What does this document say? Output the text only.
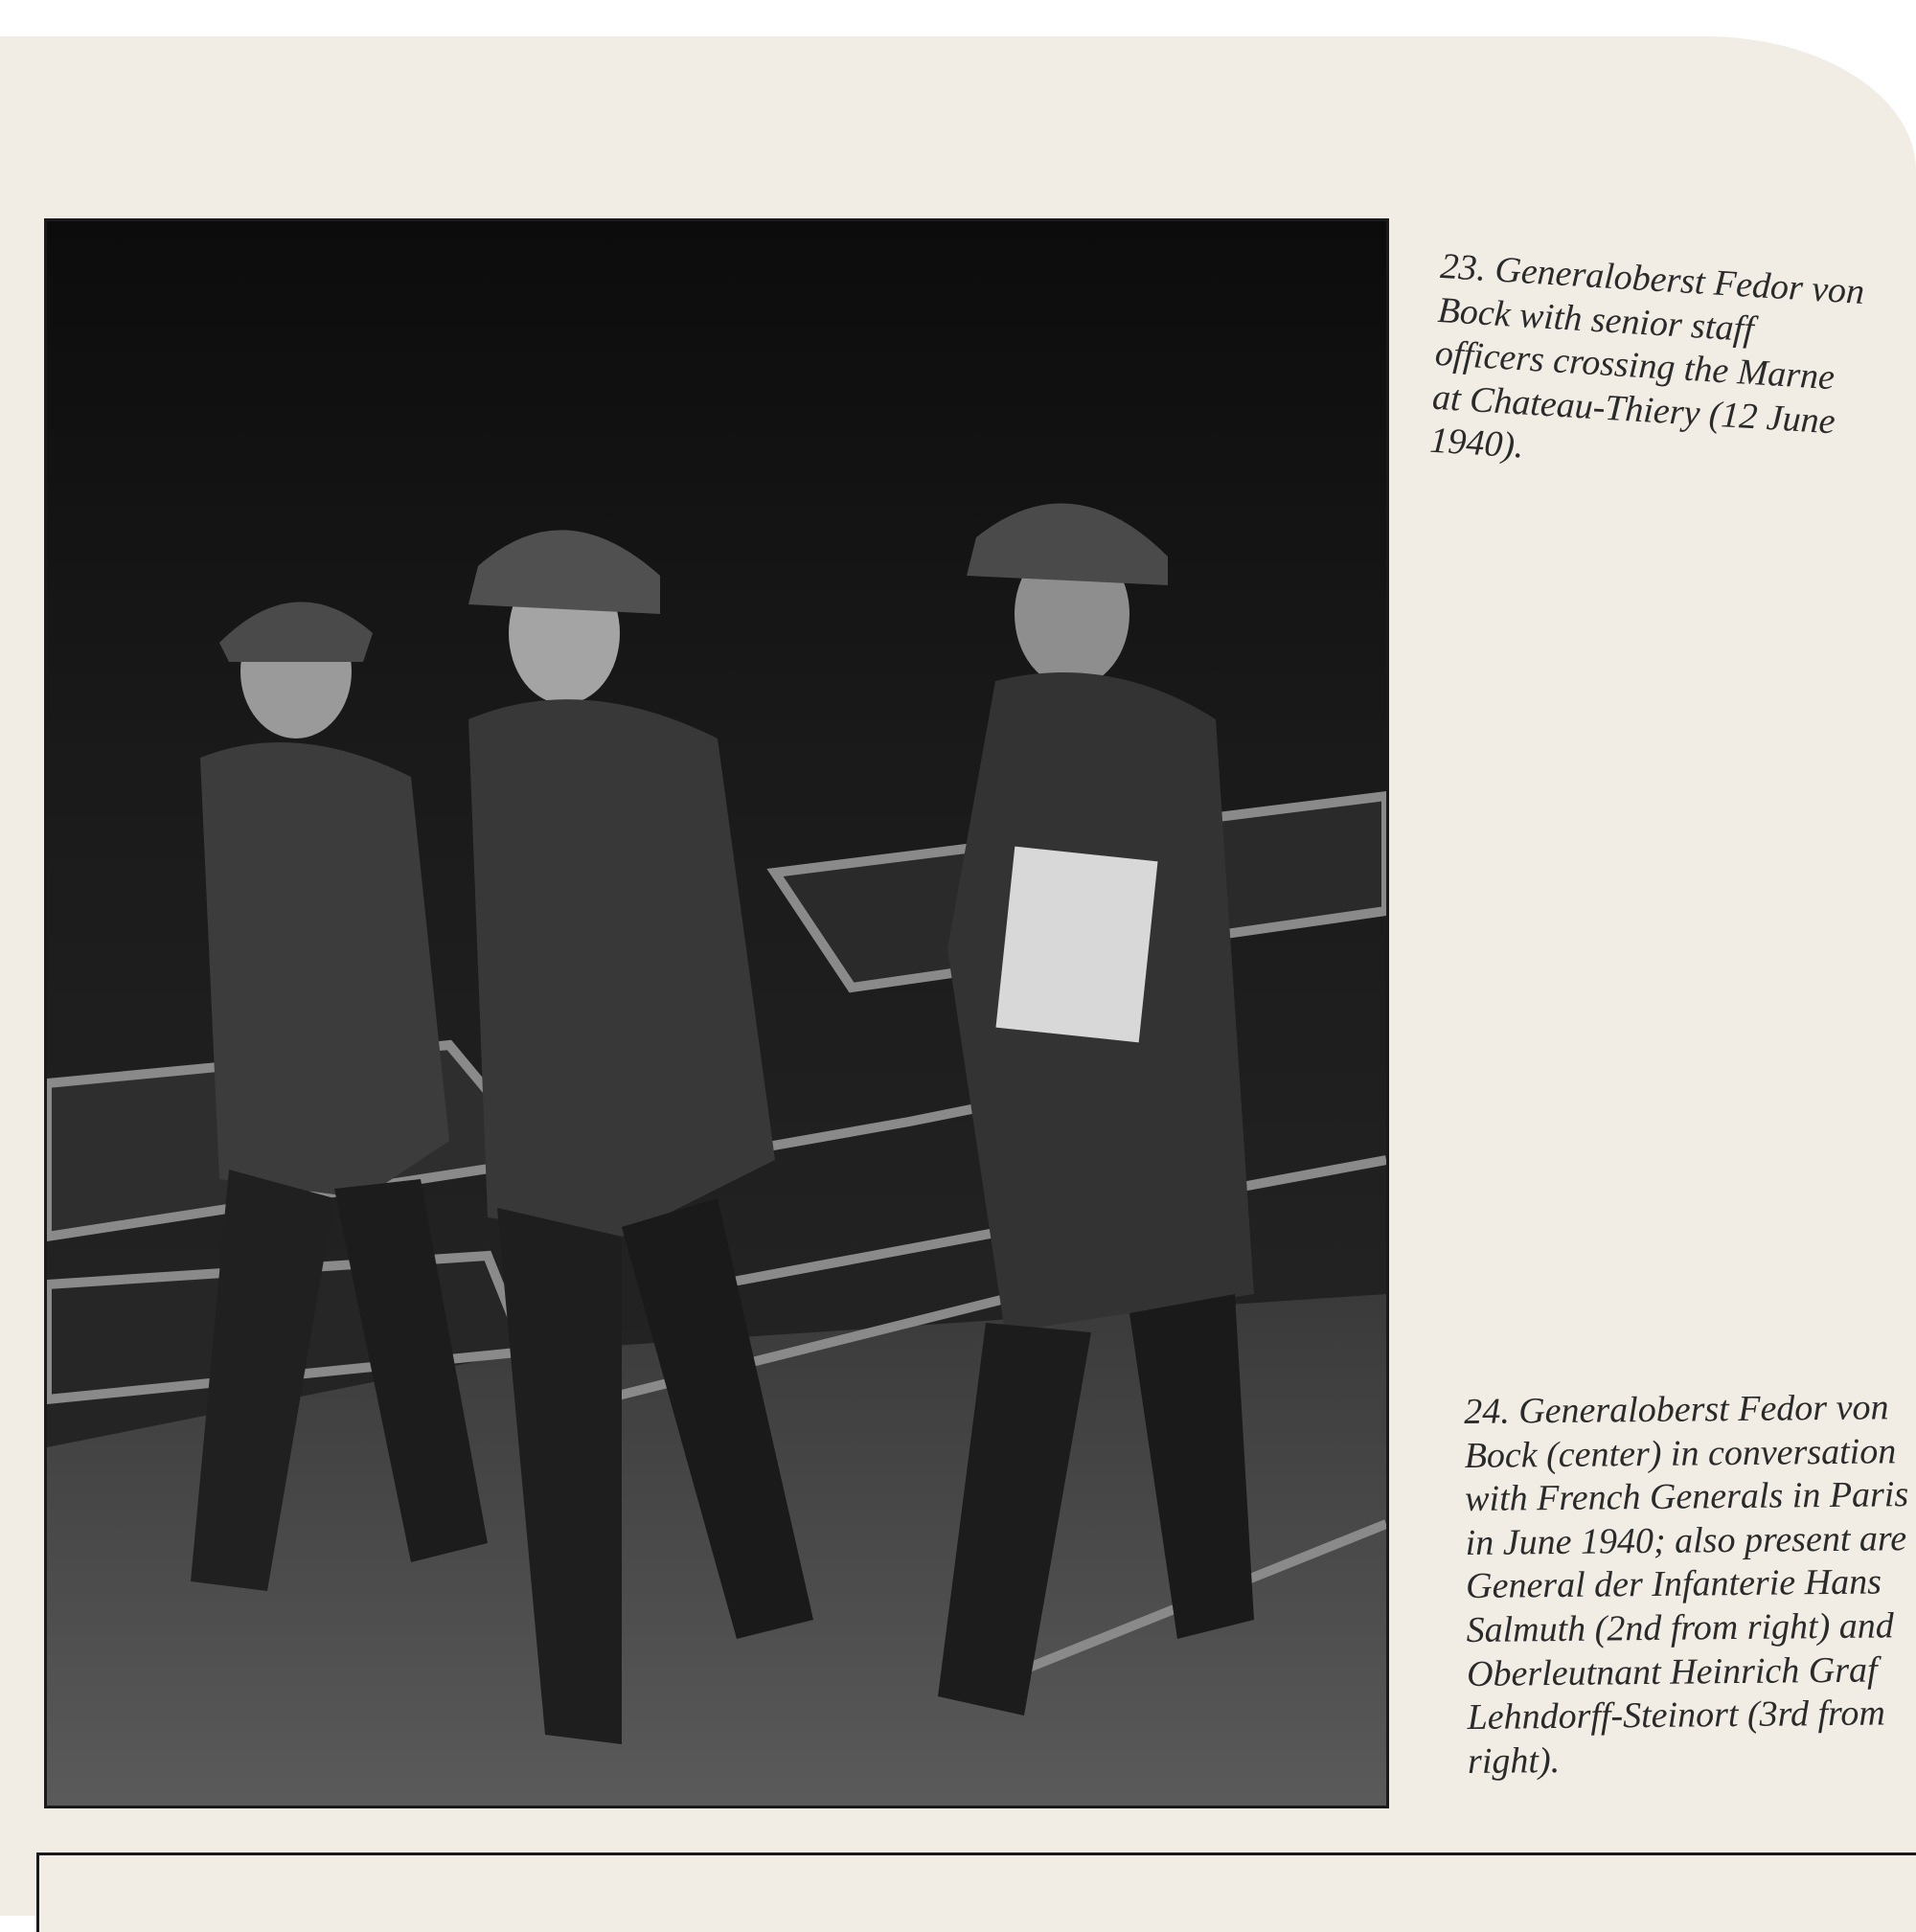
23. Generaloberst Fedor von Bock with senior staff officers crossing the Marne at Chateau-Thiery (12 June 1940).
24. Generaloberst Fedor von Bock (center) in conversation with French Generals in Paris in June 1940; also present are General der Infanterie Hans Salmuth (2nd from right) and Oberleutnant Heinrich Graf Lehndorff-Steinort (3rd from right).
